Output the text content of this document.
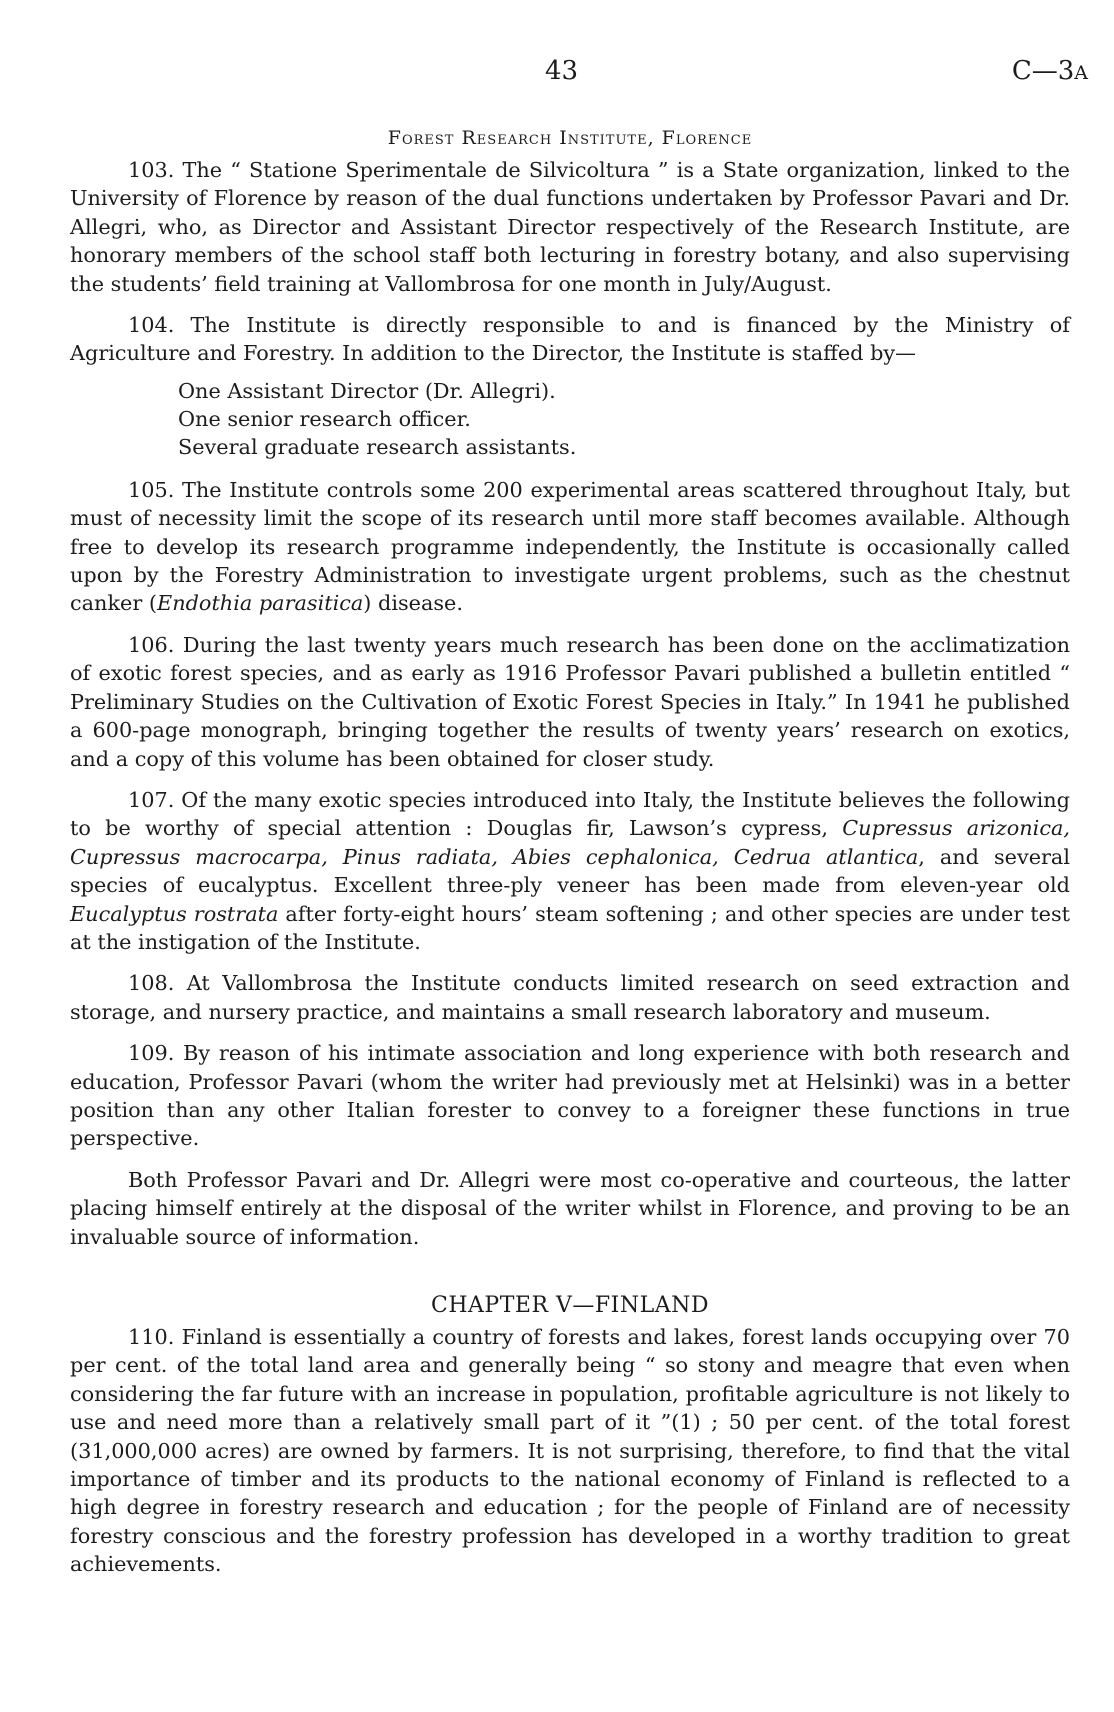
43	C—3A
Forest Research Institute, Florence

103. The “ Statione Sperimentale de Silvicoltura ” is a State organization, linked to the University of Florence by reason of the dual functions undertaken by Professor Pavari and Dr. Allegri, who, as Director and Assistant Director respectively of the Research Institute, are honorary members of the school staff both lecturing in forestry botany, and also supervising the students’ field training at Vallombrosa for one month in July/August.

104. The Institute is directly responsible to and is financed by the Ministry of Agriculture and Forestry. In addition to the Director, the Institute is staffed by—

One Assistant Director (Dr. Allegri).
One senior research officer.
Several graduate research assistants.

105. The Institute controls some 200 experimental areas scattered throughout Italy, but must of necessity limit the scope of its research until more staff becomes available. Although free to develop its research programme independently, the Institute is occasionally called upon by the Forestry Administration to investigate urgent problems, such as the chestnut canker (Endothia parasitica) disease.

106. During the last twenty years much research has been done on the acclimatization of exotic forest species, and as early as 1916 Professor Pavari published a bulletin entitled “ Preliminary Studies on the Cultivation of Exotic Forest Species in Italy.” In 1941 he published a 600-page monograph, bringing together the results of twenty years’ research on exotics, and a copy of this volume has been obtained for closer study.

107. Of the many exotic species introduced into Italy, the Institute believes the following to be worthy of special attention : Douglas fir, Lawson’s cypress, Cupressus arizonica, Cupressus macrocarpa, Pinus radiata, Abies cephalonica, Cedrua atlantica, and several species of eucalyptus. Excellent three-ply veneer has been made from eleven-year old Eucalyptus rostrata after forty-eight hours’ steam softening ; and other species are under test at the instigation of the Institute.

108. At Vallombrosa the Institute conducts limited research on seed extraction and storage, and nursery practice, and maintains a small research laboratory and museum.

109. By reason of his intimate association and long experience with both research and education, Professor Pavari (whom the writer had previously met at Helsinki) was in a better position than any other Italian forester to convey to a foreigner these functions in true perspective.

Both Professor Pavari and Dr. Allegri were most co-operative and courteous, the latter placing himself entirely at the disposal of the writer whilst in Florence, and proving to be an invaluable source of information.

CHAPTER V—FINLAND

110. Finland is essentially a country of forests and lakes, forest lands occupying over 70 per cent. of the total land area and generally being “ so stony and meagre that even when considering the far future with an increase in population, profitable agriculture is not likely to use and need more than a relatively small part of it ”(1) ; 50 per cent. of the total forest (31,000,000 acres) are owned by farmers. It is not surprising, therefore, to find that the vital importance of timber and its products to the national economy of Finland is reflected to a high degree in forestry research and education ; for the people of Finland are of necessity forestry conscious and the forestry profession has developed in a worthy tradition to great achievements.
